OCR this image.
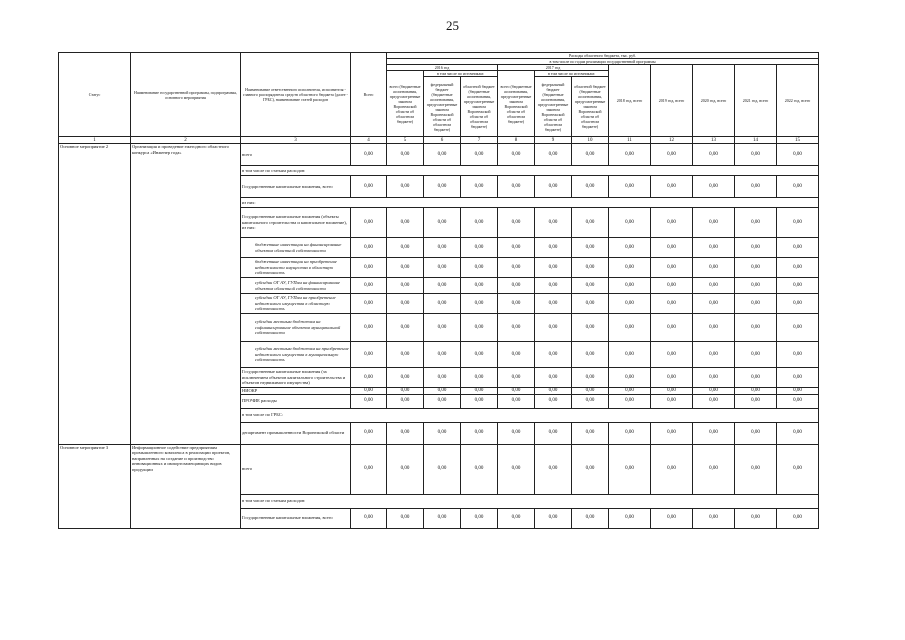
25
Статус	Наименование государственной программы, подпрограммы, основного мероприятия	Наименование ответственного исполнителя, исполнителя - главного распорядителя средств областного бюджета (далее - ГРБС), наименование статей расходов	Всего	Расходы областного бюджета, тыс. руб.										
				в том числе по годам реализации государственной программы										
				2016 год			2017 год			2018 год, всего	2019 год, всего	2020 год, всего	2021 год, всего	2022 год, всего
				всего (бюджетные ассигнования, предусмотренные законом Воронежской области об областном бюджете)	в том числе по источникам:		всего (бюджетные ассигнования, предусмотренные законом Воронежской области об областном бюджете)	в том числе по источникам:						
					федеральный бюджет (бюджетные ассигнования, предусмотренные законом Воронежской области об областном бюджете)	областной бюджет (бюджетные ассигнования, предусмотренные законом Воронежской области об областном бюджете)		федеральный бюджет (бюджетные ассигнования, предусмотренные законом Воронежской области об областном бюджете)	областной бюджет (бюджетные ассигнования, предусмотренные законом Воронежской области об областном бюджете)					
1	2	3	4	5	6	7	8	9	10	11	12	13	14	15
Основное мероприятие 2	Организация и проведение ежегодного областного конкурса «Инженер года»	всего	0,00	0,00	0,00	0,00	0,00	0,00	0,00	0,00	0,00	0,00	0,00	0,00
		в том числе по статьям расходов:												
		Государственные капитальные вложения, всего	0,00	0,00	0,00	0,00	0,00	0,00	0,00	0,00	0,00	0,00	0,00	0,00
		из них:												
		Государственные капитальные вложения (объекты капитального строительства и капитальное вложение), из них:	0,00	0,00	0,00	0,00	0,00	0,00	0,00	0,00	0,00	0,00	0,00	0,00
		бюджетные инвестиции на финансирование объектов областной собственности	0,00	0,00	0,00	0,00	0,00	0,00	0,00	0,00	0,00	0,00	0,00	0,00
		бюджетные инвестиции на приобретение недвижимости имущества в областную собственность	0,00	0,00	0,00	0,00	0,00	0,00	0,00	0,00	0,00	0,00	0,00	0,00
		субсидии ОГ АУ, ГУПам на финансирование объектов областной собственности	0,00	0,00	0,00	0,00	0,00	0,00	0,00	0,00	0,00	0,00	0,00	0,00
		субсидии ОГ АУ, ГУПам на приобретение недвижимого имущества в областную собственность	0,00	0,00	0,00	0,00	0,00	0,00	0,00	0,00	0,00	0,00	0,00	0,00
		субсидии местным бюджетам на софинансирование объектов муниципальной собственности	0,00	0,00	0,00	0,00	0,00	0,00	0,00	0,00	0,00	0,00	0,00	0,00
		субсидии местным бюджетам на приобретение недвижимого имущества в муниципальную собственность	0,00	0,00	0,00	0,00	0,00	0,00	0,00	0,00	0,00	0,00	0,00	0,00
		Государственные капитальные вложения (за исключением объектов капитального строительства и объектов недвижимого имущества)	0,00	0,00	0,00	0,00	0,00	0,00	0,00	0,00	0,00	0,00	0,00	0,00
		НИОКР	0,00	0,00	0,00	0,00	0,00	0,00	0,00	0,00	0,00	0,00	0,00	0,00
		ПРОЧИЕ расходы	0,00	0,00	0,00	0,00	0,00	0,00	0,00	0,00	0,00	0,00	0,00	0,00
		в том числе по ГРБС:												
		департамент промышленности Воронежской области	0,00	0,00	0,00	0,00	0,00	0,00	0,00	0,00	0,00	0,00	0,00	0,00
Основное мероприятие 3	Информационное содействие предприятиям промышленного комплекса в реализации проектов, направленных на создание и производство инновационных и импортозамещающих видов продукции	всего	0,00	0,00	0,00	0,00	0,00	0,00	0,00	0,00	0,00	0,00	0,00	0,00
		в том числе по статьям расходов:												
		Государственные капитальные вложения, всего	0,00	0,00	0,00	0,00	0,00	0,00	0,00	0,00	0,00	0,00	0,00	0,00
